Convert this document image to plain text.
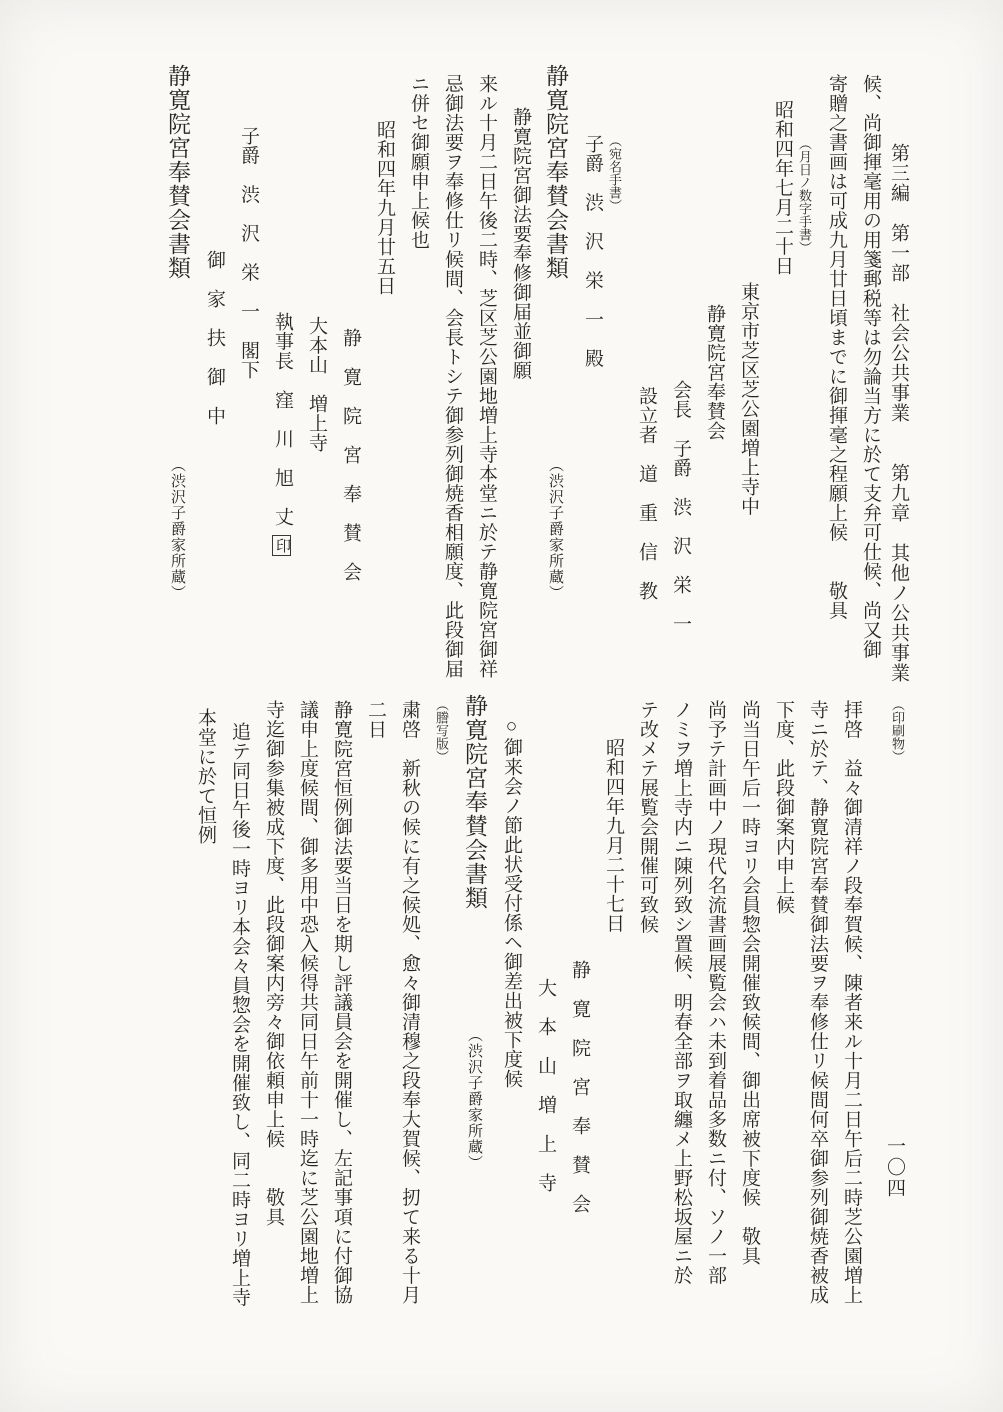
第三編　第一部　社会公共事業　　第九章　其他ノ公共事業
一〇四

候、尚御揮毫用の用箋郵税等は勿論当方に於て支弁可仕候、尚又御

寄贈之書画は可成九月廿日頃までに御揮毫之程願上候　　敬具

（月日ノ数字手書）

昭和四年七月二十日

東京市芝区芝公園増上寺中

静寛院宮奉賛会

会長　子爵　渋　沢　栄　一

設立者　道　重　信　教

（宛名手書）

子爵　渋　沢　栄　一　殿

静寛院宮奉賛会書類 （渋沢子爵家所蔵）

静寛院宮御法要奉修御届並御願

来ル十月二日午後二時、芝区芝公園地増上寺本堂ニ於テ静寛院宮御祥

忌御法要ヲ奉修仕リ候間、会長トシテ御参列御焼香相願度、此段御届

ニ併セ御願申上候也

昭和四年九月廿五日

静　寛　院　宮　奉　賛　会

大本山　増上寺

執事長　窪　川　旭　丈印

子爵　渋　沢　栄　一　閣下

御　家　扶　御　中

静寛院宮奉賛会書類 （渋沢子爵家所蔵）

（印刷物）

拝啓　益々御清祥ノ段奉賀候、陳者来ル十月二日午后二時芝公園増上

寺ニ於テ、静寛院宮奉賛御法要ヲ奉修仕リ候間何卒御参列御焼香被成

下度、此段御案内申上候

尚当日午后一時ヨリ会員惣会開催致候間、御出席被下度候　敬具

尚予テ計画中ノ現代名流書画展覧会ハ未到着品多数ニ付、ソノ一部

ノミヲ増上寺内ニ陳列致シ置候、明春全部ヲ取纏メ上野松坂屋ニ於

テ改メテ展覧会開催可致候

昭和四年九月二十七日

静　寛　院　宮　奉　賛　会

大　本　山　増　上　寺

○御来会ノ節此状受付係ヘ御差出被下度候

静寛院宮奉賛会書類 （渋沢子爵家所蔵）

（謄写版）

粛啓　新秋の候に有之候処、愈々御清穆之段奉大賀候、扨て来る十月

二日

静寛院宮恒例御法要当日を期し評議員会を開催し、左記事項に付御協

議申上度候間、御多用中恐入候得共同日午前十一時迄に芝公園地増上

寺迄御参集被成下度、此段御案内旁々御依頼申上候　　敬具

追テ同日午後一時ヨリ本会々員惣会を開催致し、同二時ヨリ増上寺

本堂に於て恒例
